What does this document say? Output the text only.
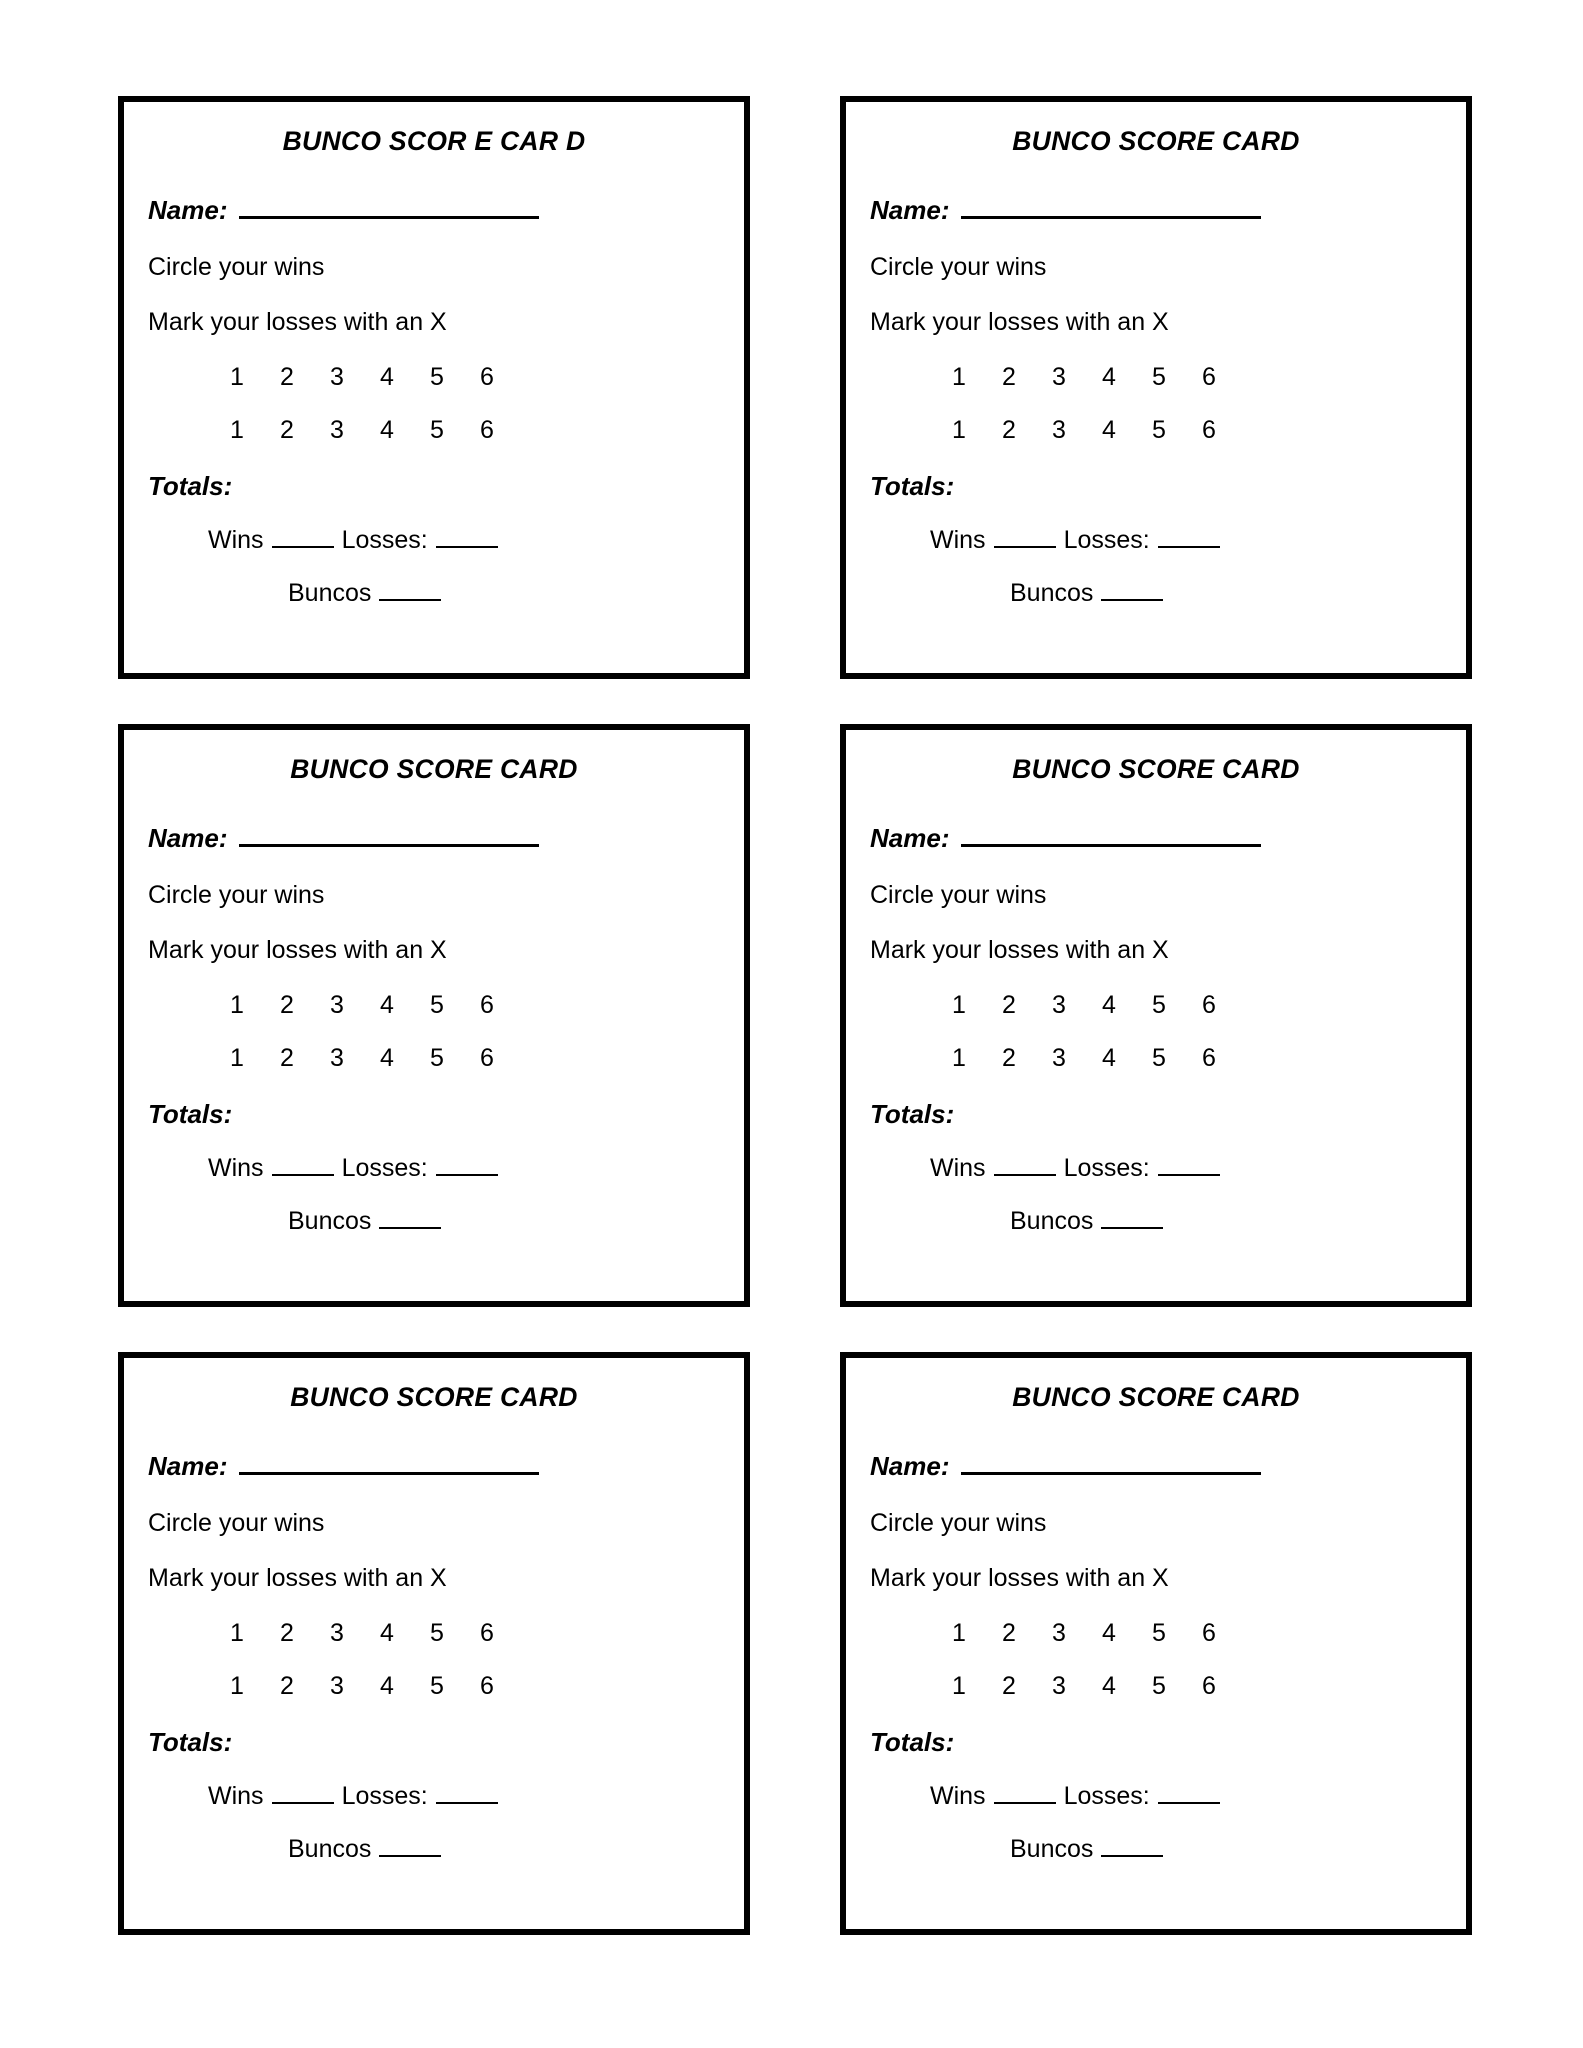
BUNCO SCOR E CAR D
Name:
Circle your wins
Mark your losses with an X
1	2	3	4	5	6
1	2	3	4	5	6
Totals:
Wins	Losses:
Buncos
BUNCO SCORE CARD
Name:
Circle your wins
Mark your losses with an X
1	2	3	4	5	6
1	2	3	4	5	6
Totals:
Wins	Losses:
Buncos
BUNCO SCORE CARD
Name:
Circle your wins
Mark your losses with an X
1	2	3	4	5	6
1	2	3	4	5	6
Totals:
Wins	Losses:
Buncos
BUNCO SCORE CARD
Name:
Circle your wins
Mark your losses with an X
1	2	3	4	5	6
1	2	3	4	5	6
Totals:
Wins	Losses:
Buncos
BUNCO SCORE CARD
Name:
Circle your wins
Mark your losses with an X
1	2	3	4	5	6
1	2	3	4	5	6
Totals:
Wins	Losses:
Buncos
BUNCO SCORE CARD
Name:
Circle your wins
Mark your losses with an X
1	2	3	4	5	6
1	2	3	4	5	6
Totals:
Wins	Losses:
Buncos
